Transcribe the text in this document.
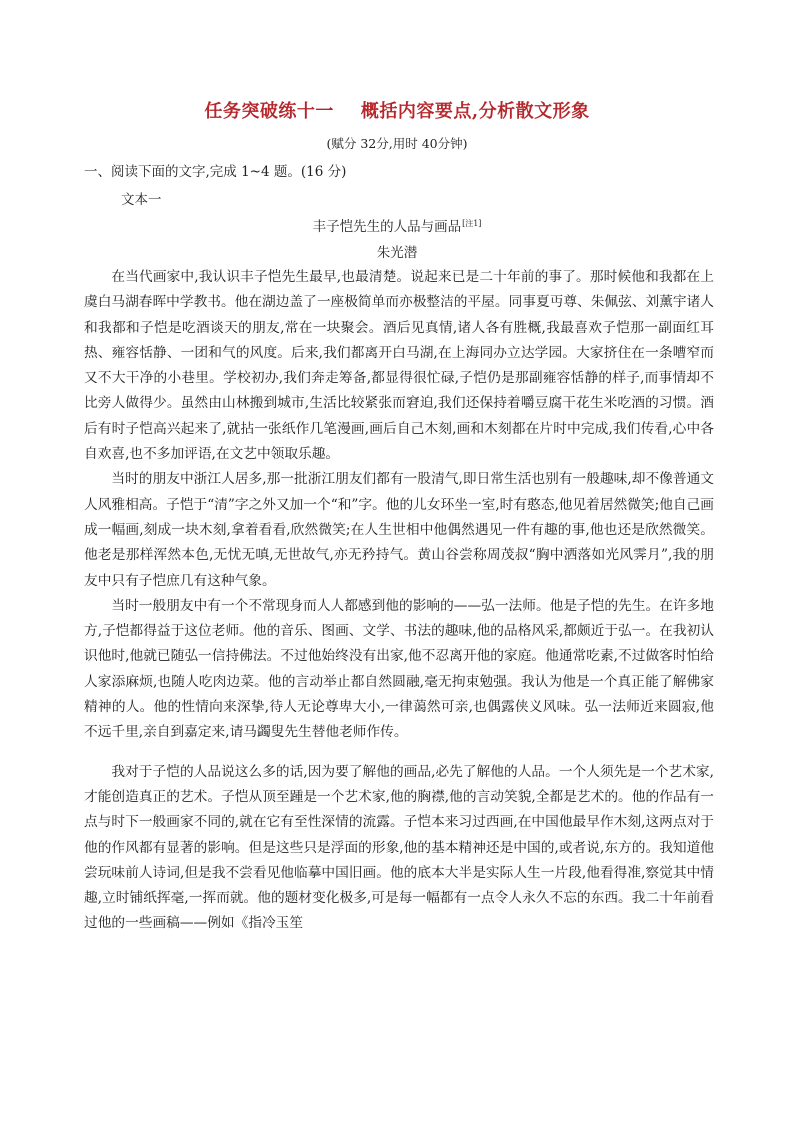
任务突破练十一    概括内容要点,分析散文形象
(赋分 32分,用时 40分钟)
一、阅读下面的文字,完成 1~4 题。(16 分)
文本一
丰子恺先生的人品与画品[注1]
朱光潜

在当代画家中,我认识丰子恺先生最早,也最清楚。说起来已是二十年前的事了。那时候他和我都在上虞白马湖春晖中学教书。他在湖边盖了一座极简单而亦极整洁的平屋。同事夏丏尊、朱佩弦、刘薰宇诸人和我都和子恺是吃酒谈天的朋友,常在一块聚会。酒后见真情,诸人各有胜概,我最喜欢子恺那一副面红耳热、雍容恬静、一团和气的风度。后来,我们都离开白马湖,在上海同办立达学园。大家挤住在一条嘈窄而又不大干净的小巷里。学校初办,我们奔走筹备,都显得很忙碌,子恺仍是那副雍容恬静的样子,而事情却不比旁人做得少。虽然由山林搬到城市,生活比较紧张而窘迫,我们还保持着嚼豆腐干花生米吃酒的习惯。酒后有时子恺高兴起来了,就拈一张纸作几笔漫画,画后自己木刻,画和木刻都在片时中完成,我们传看,心中各自欢喜,也不多加评语,在文艺中领取乐趣。

当时的朋友中浙江人居多,那一批浙江朋友们都有一股清气,即日常生活也别有一般趣味,却不像普通文人风雅相高。子恺于“清”字之外又加一个“和”字。他的儿女环坐一室,时有憨态,他见着居然微笑;他自己画成一幅画,刻成一块木刻,拿着看看,欣然微笑;在人生世相中他偶然遇见一件有趣的事,他也还是欣然微笑。他老是那样浑然本色,无忧无嗔,无世故气,亦无矜持气。黄山谷尝称周茂叔“胸中洒落如光风霁月”,我的朋友中只有子恺庶几有这种气象。

当时一般朋友中有一个不常现身而人人都感到他的影响的——弘一法师。他是子恺的先生。在许多地方,子恺都得益于这位老师。他的音乐、图画、文学、书法的趣味,他的品格风采,都颇近于弘一。在我初认识他时,他就已随弘一信持佛法。不过他始终没有出家,他不忍离开他的家庭。他通常吃素,不过做客时怕给人家添麻烦,也随人吃肉边菜。他的言动举止都自然圆融,毫无拘束勉强。我认为他是一个真正能了解佛家精神的人。他的性情向来深挚,待人无论尊卑大小,一律蔼然可亲,也偶露侠义风味。弘一法师近来圆寂,他不远千里,亲自到嘉定来,请马蠲叟先生替他老师作传。

我对于子恺的人品说这么多的话,因为要了解他的画品,必先了解他的人品。一个人须先是一个艺术家,才能创造真正的艺术。子恺从顶至踵是一个艺术家,他的胸襟,他的言动笑貌,全都是艺术的。他的作品有一点与时下一般画家不同的,就在它有至性深情的流露。子恺本来习过西画,在中国他最早作木刻,这两点对于他的作风都有显著的影响。但是这些只是浮面的形象,他的基本精神还是中国的,或者说,东方的。我知道他尝玩味前人诗词,但是我不尝看见他临摹中国旧画。他的底本大半是实际人生一片段,他看得准,察觉其中情趣,立时铺纸挥毫,一挥而就。他的题材变化极多,可是每一幅都有一点令人永久不忘的东西。我二十年前看过他的一些画稿——例如《指冷玉笙
